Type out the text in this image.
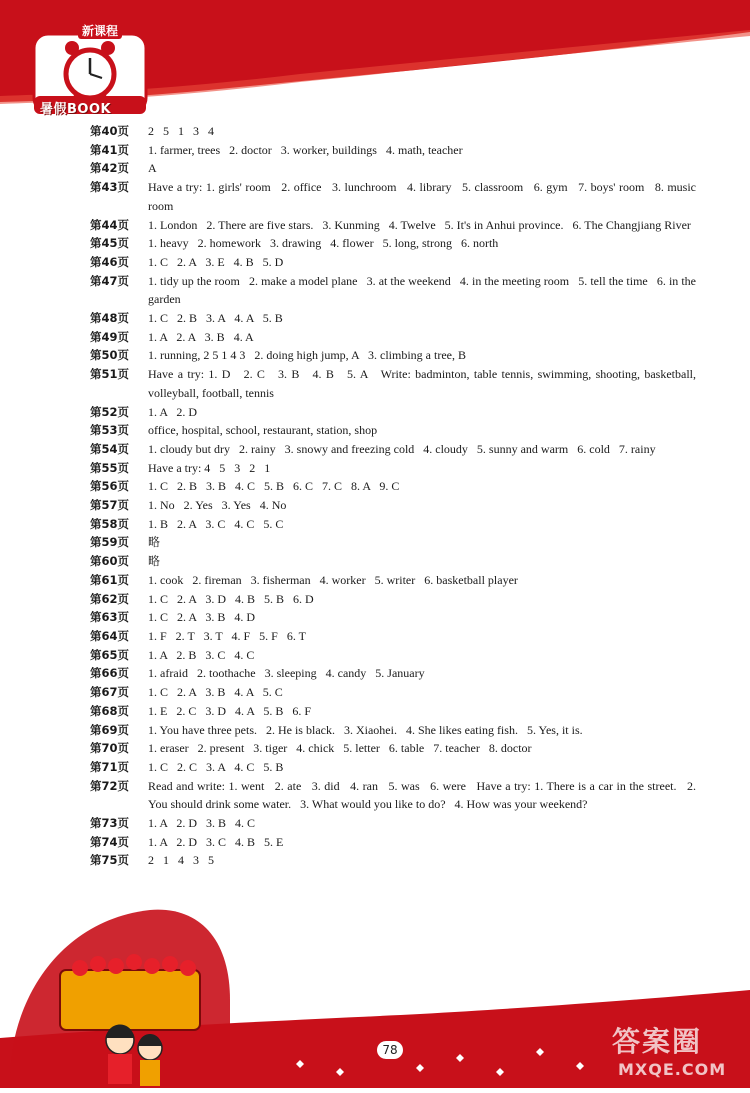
新课程
暑假BOOK
第40页	2   5   1   3   4
第41页	1. farmer, trees   2. doctor   3. worker, buildings   4. math, teacher
第42页	A
第43页	Have a try: 1. girls' room   2. office   3. lunchroom   4. library   5. classroom   6. gym   7. boys' room   8. music room
第44页	1. London   2. There are five stars.   3. Kunming   4. Twelve   5. It's in Anhui province.   6. The Changjiang River
第45页	1. heavy   2. homework   3. drawing   4. flower   5. long, strong   6. north
第46页	1. C   2. A   3. E   4. B   5. D
第47页	1. tidy up the room   2. make a model plane   3. at the weekend   4. in the meeting room   5. tell the time   6. in the garden
第48页	1. C   2. B   3. A   4. A   5. B
第49页	1. A   2. A   3. B   4. A
第50页	1. running, 2 5 1 4 3   2. doing high jump, A   3. climbing a tree, B
第51页	Have a try: 1. D   2. C   3. B   4. B   5. A   Write: badminton, table tennis, swimming, shooting, basketball, volleyball, football, tennis
第52页	1. A   2. D
第53页	office, hospital, school, restaurant, station, shop
第54页	1. cloudy but dry   2. rainy   3. snowy and freezing cold   4. cloudy   5. sunny and warm   6. cold   7. rainy
第55页	Have a try: 4   5   3   2   1
第56页	1. C   2. B   3. B   4. C   5. B   6. C   7. C   8. A   9. C
第57页	1. No   2. Yes   3. Yes   4. No
第58页	1. B   2. A   3. C   4. C   5. C
第59页	略
第60页	略
第61页	1. cook   2. fireman   3. fisherman   4. worker   5. writer   6. basketball player
第62页	1. C   2. A   3. D   4. B   5. B   6. D
第63页	1. C   2. A   3. B   4. D
第64页	1. F   2. T   3. T   4. F   5. F   6. T
第65页	1. A   2. B   3. C   4. C
第66页	1. afraid   2. toothache   3. sleeping   4. candy   5. January
第67页	1. C   2. A   3. B   4. A   5. C
第68页	1. E   2. C   3. D   4. A   5. B   6. F
第69页	1. You have three pets.   2. He is black.   3. Xiaohei.   4. She likes eating fish.   5. Yes, it is.
第70页	1. eraser   2. present   3. tiger   4. chick   5. letter   6. table   7. teacher   8. doctor
第71页	1. C   2. C   3. A   4. C   5. B
第72页	Read and write: 1. went   2. ate   3. did   4. ran   5. was   6. were   Have a try: 1. There is a car in the street.   2. You should drink some water.   3. What would you like to do?   4. How was your weekend?
第73页	1. A   2. D   3. B   4. C
第74页	1. A   2. D   3. C   4. B   5. E
第75页	2   1   4   3   5
78	答案圈
MXQE.COM
